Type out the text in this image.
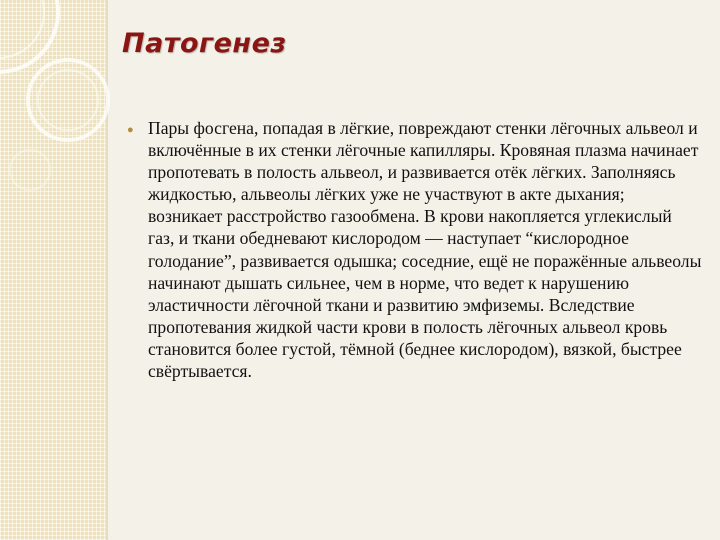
Патогенез
● Пары фосгена, попадая в лёгкие, повреждают стенки лёгочных альвеол и включённые в их стенки лёгочные капилляры. Кровяная плазма начинает пропотевать в полость альвеол, и развивается отёк лёгких. Заполняясь жидкостью, альвеолы лёгких уже не участвуют в акте дыхания; возникает расстройство газообмена. В крови накопляется углекислый газ, и ткани обедневают кислородом — наступает “кислородное голодание”, развивается одышка; соседние, ещё не поражённые альвеолы начинают дышать сильнее, чем в норме, что ведет к нарушению эластичности лёгочной ткани и развитию эмфиземы. Вследствие пропотевания жидкой части крови в полость лёгочных альвеол кровь становится более густой, тёмной (беднее кислородом), вязкой, быстрее свёртывается.
